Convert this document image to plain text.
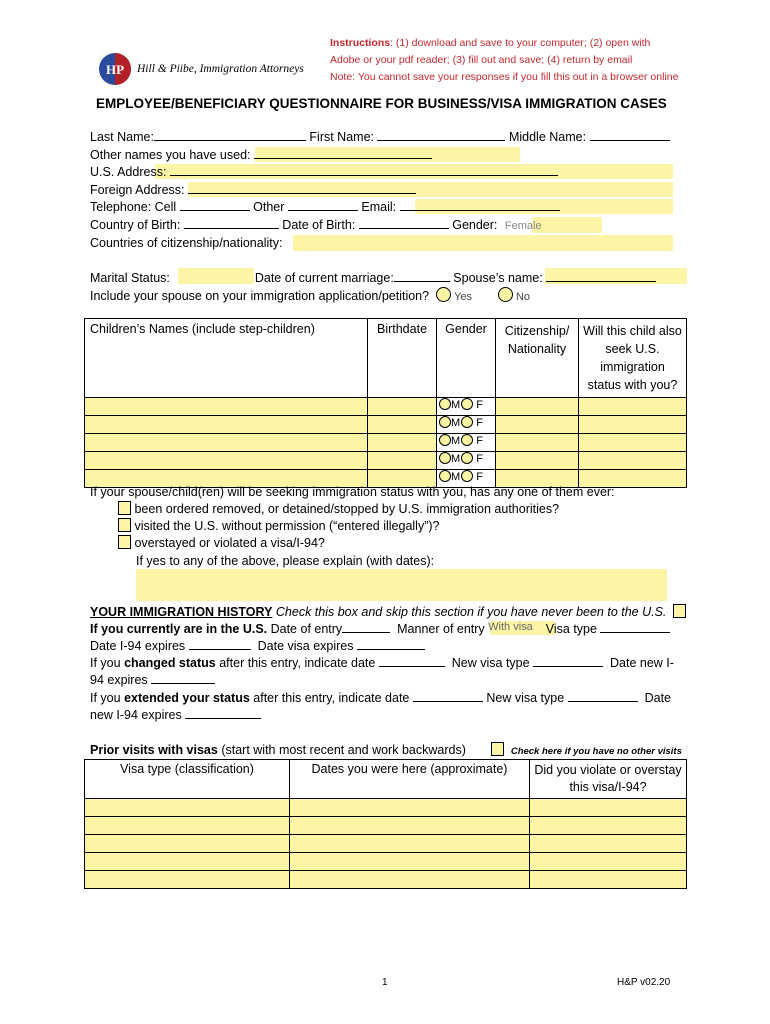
HP Hill & Piibe, Immigration Attorneys
Instructions: (1) download and save to your computer; (2) open with
Adobe or your pdf reader; (3) fill out and save; (4) return by email
Note: You cannot save your responses if you fill this out in a browser online
EMPLOYEE/BENEFICIARY QUESTIONNAIRE FOR BUSINESS/VISA IMMIGRATION CASES
Last Name:	First Name:	Middle Name:
Other names you have used:
U.S. Address:
Foreign Address:
Telephone: Cell	Other	Email:
Country of Birth:	Date of Birth:	Gender: Female
Countries of citizenship/nationality:
Marital Status:	Date of current marriage:	Spouse’s name:
Include your spouse on your immigration application/petition? Yes	No
Children’s Names (include step-children)	Birthdate	Gender	Citizenship/ Nationality	Will this child also seek U.S. immigration status with you?
		M F		
		M F		
		M F		
		M F		
		M F		
If your spouse/child(ren) will be seeking immigration status with you, has any one of them ever:
been ordered removed, or detained/stopped by U.S. immigration authorities?
visited the U.S. without permission (“entered illegally”)?
overstayed or violated a visa/I-94?
If yes to any of the above, please explain (with dates):
YOUR IMMIGRATION HISTORY Check this box and skip this section if you have never been to the U.S.
If you currently are in the U.S. Date of entry	Manner of entry With visa Visa type
Date I-94 expires	Date visa expires
If you changed status after this entry, indicate date	New visa type	Date new I-
94 expires
If you extended your status after this entry, indicate date	New visa type	Date
new I-94 expires
Prior visits with visas (start with most recent and work backwards)	Check here if you have no other visits
Visa type (classification)	Dates you were here (approximate)	Did you violate or overstay this visa/I-94?

1	H&P v02.20
